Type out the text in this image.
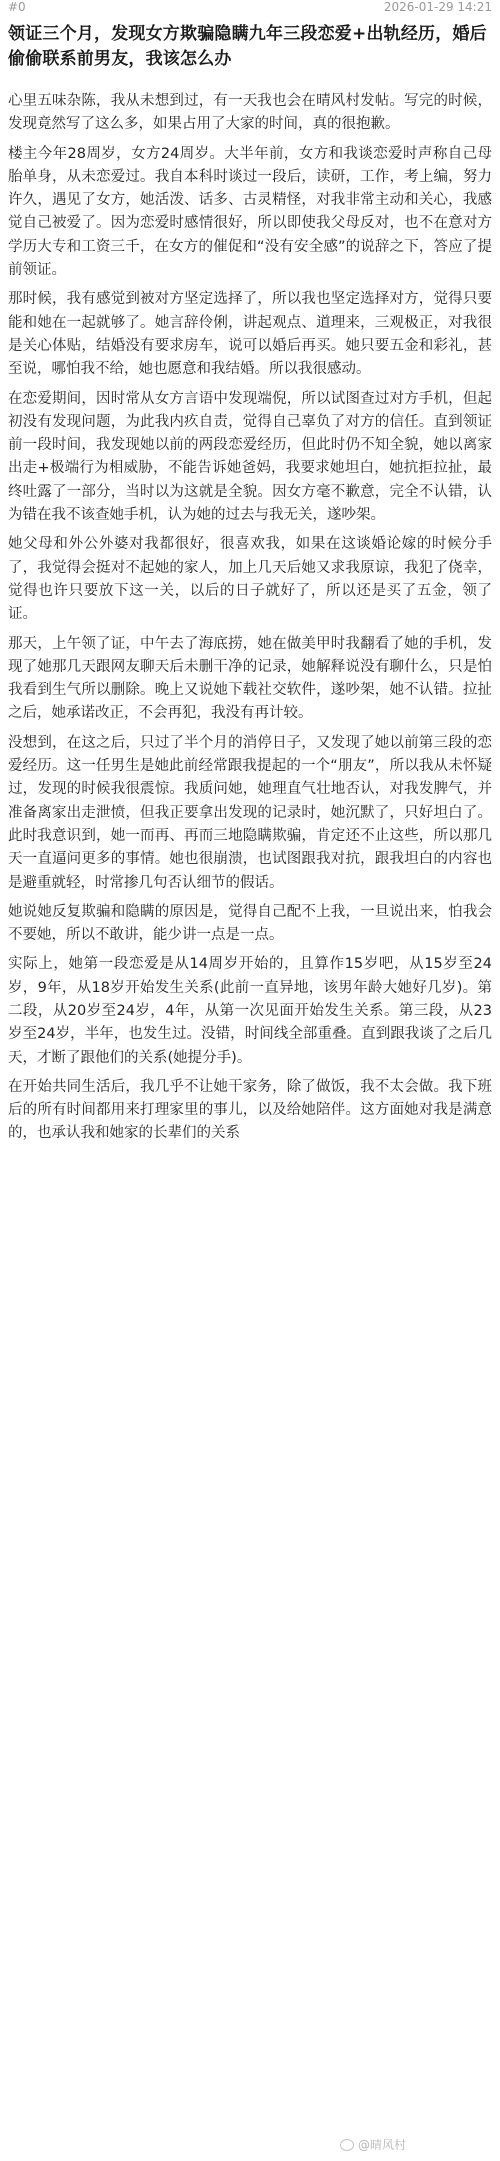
#0	2026-01-29 14:21
领证三个月，发现女方欺骗隐瞒九年三段恋爱+出轨经历，婚后偷偷联系前男友，我该怎么办

心里五味杂陈，我从未想到过，有一天我也会在晴风村发帖。写完的时候，发现竟然写了这么多，如果占用了大家的时间，真的很抱歉。

楼主今年28周岁，女方24周岁。大半年前，女方和我谈恋爱时声称自己母胎单身，从未恋爱过。我自本科时谈过一段后，读研，工作，考上编，努力许久，遇见了女方，她活泼、话多、古灵精怪，对我非常主动和关心，我感觉自己被爱了。因为恋爱时感情很好，所以即使我父母反对，也不在意对方学历大专和工资三千，在女方的催促和“没有安全感”的说辞之下，答应了提前领证。

那时候，我有感觉到被对方坚定选择了，所以我也坚定选择对方，觉得只要能和她在一起就够了。她言辞伶俐，讲起观点、道理来，三观极正，对我很是关心体贴，结婚没有要求房车，说可以婚后再买。她只要五金和彩礼，甚至说，哪怕我不给，她也愿意和我结婚。所以我很感动。

在恋爱期间，因时常从女方言语中发现端倪，所以试图查过对方手机，但起初没有发现问题，为此我内疚自责，觉得自己辜负了对方的信任。直到领证前一段时间，我发现她以前的两段恋爱经历，但此时仍不知全貌，她以离家出走+极端行为相威胁，不能告诉她爸妈，我要求她坦白，她抗拒拉扯，最终吐露了一部分，当时以为这就是全貌。因女方毫不歉意，完全不认错，认为错在我不该查她手机，认为她的过去与我无关，遂吵架。

她父母和外公外婆对我都很好，很喜欢我，如果在这谈婚论嫁的时候分手了，我觉得会挺对不起她的家人，加上几天后她又求我原谅，我犯了侥幸，觉得也许只要放下这一关，以后的日子就好了，所以还是买了五金，领了证。

那天，上午领了证，中午去了海底捞，她在做美甲时我翻看了她的手机，发现了她那几天跟网友聊天后未删干净的记录，她解释说没有聊什么，只是怕我看到生气所以删除。晚上又说她下载社交软件，遂吵架，她不认错。拉扯之后，她承诺改正，不会再犯，我没有再计较。

没想到，在这之后，只过了半个月的消停日子，又发现了她以前第三段的恋爱经历。这一任男生是她此前经常跟我提起的一个“朋友”，所以我从未怀疑过，发现的时候我很震惊。我质问她，她理直气壮地否认，对我发脾气，并准备离家出走泄愤，但我正要拿出发现的记录时，她沉默了，只好坦白了。此时我意识到，她一而再、再而三地隐瞒欺骗，肯定还不止这些，所以那几天一直逼问更多的事情。她也很崩溃，也试图跟我对抗，跟我坦白的内容也是避重就轻，时常掺几句否认细节的假话。

她说她反复欺骗和隐瞒的原因是，觉得自己配不上我，一旦说出来，怕我会不要她，所以不敢讲，能少讲一点是一点。

实际上，她第一段恋爱是从14周岁开始的，且算作15岁吧，从15岁至24岁，9年，从18岁开始发生关系(此前一直异地，该男年龄大她好几岁)。第二段，从20岁至24岁，4年，从第一次见面开始发生关系。第三段，从23岁至24岁，半年，也发生过。没错，时间线全部重叠。直到跟我谈了之后几天，才断了跟他们的关系(她提分手)。

在开始共同生活后，我几乎不让她干家务，除了做饭，我不太会做。我下班后的所有时间都用来打理家里的事儿，以及给她陪伴。这方面她对我是满意的，也承认我和她家的长辈们的关系

@晴风村
